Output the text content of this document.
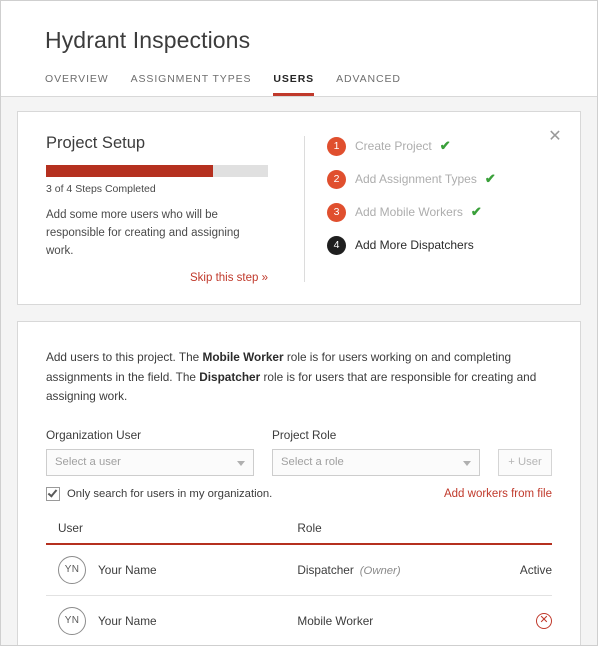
Hydrant Inspections
OVERVIEW ASSIGNMENT TYPES USERS ADVANCED
Project Setup
3 of 4 Steps Completed
Add some more users who will be responsible for creating and assigning work.
Skip this step »
1	Create Project ✔
2	Add Assignment Types ✔
3	Add Mobile Workers ✔
4	Add More Dispatchers
✕

Add users to this project. The Mobile Worker role is for users working on and completing assignments in the field. The Dispatcher role is for users that are responsible for creating and assigning work.

Organization User
Select a user
Project Role
Select a role	+ User
Only search for users in my organization.	Add workers from file
User	Role	

YN Your Name	Dispatcher (Owner)	Active

YN Your Name	Mobile Worker	✕
